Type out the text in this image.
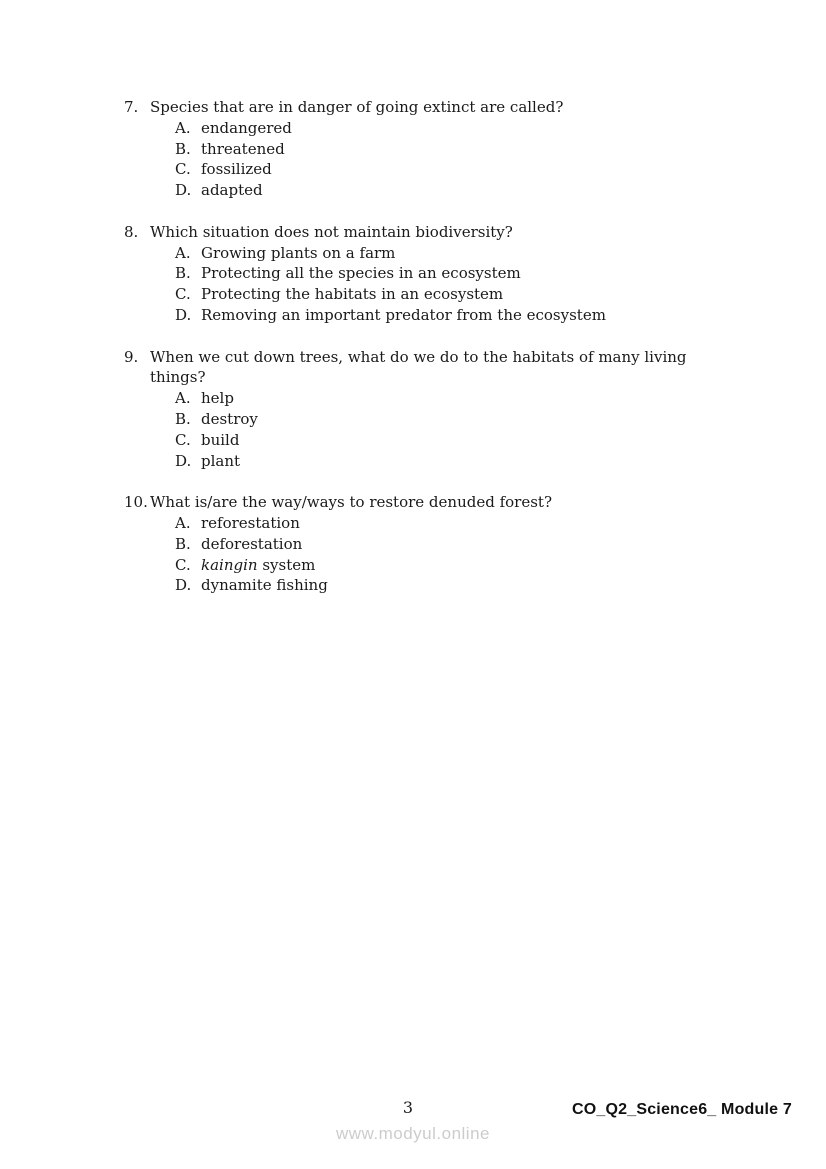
7. Species that are in danger of going extinct are called?
A. endangered
B. threatened
C. fossilized
D. adapted
8. Which situation does not maintain biodiversity?
A. Growing plants on a farm
B. Protecting all the species in an ecosystem
C. Protecting the habitats in an ecosystem
D. Removing an important predator from the ecosystem
9. When we cut down trees, what do we do to the habitats of many living
things?
A. help
B. destroy
C. build
D. plant
10. What is/are the way/ways to restore denuded forest?
A. reforestation
B. deforestation
C. kaingin system
D. dynamite fishing
3
www.modyul.online
CO_Q2_Science6_ Module 7
